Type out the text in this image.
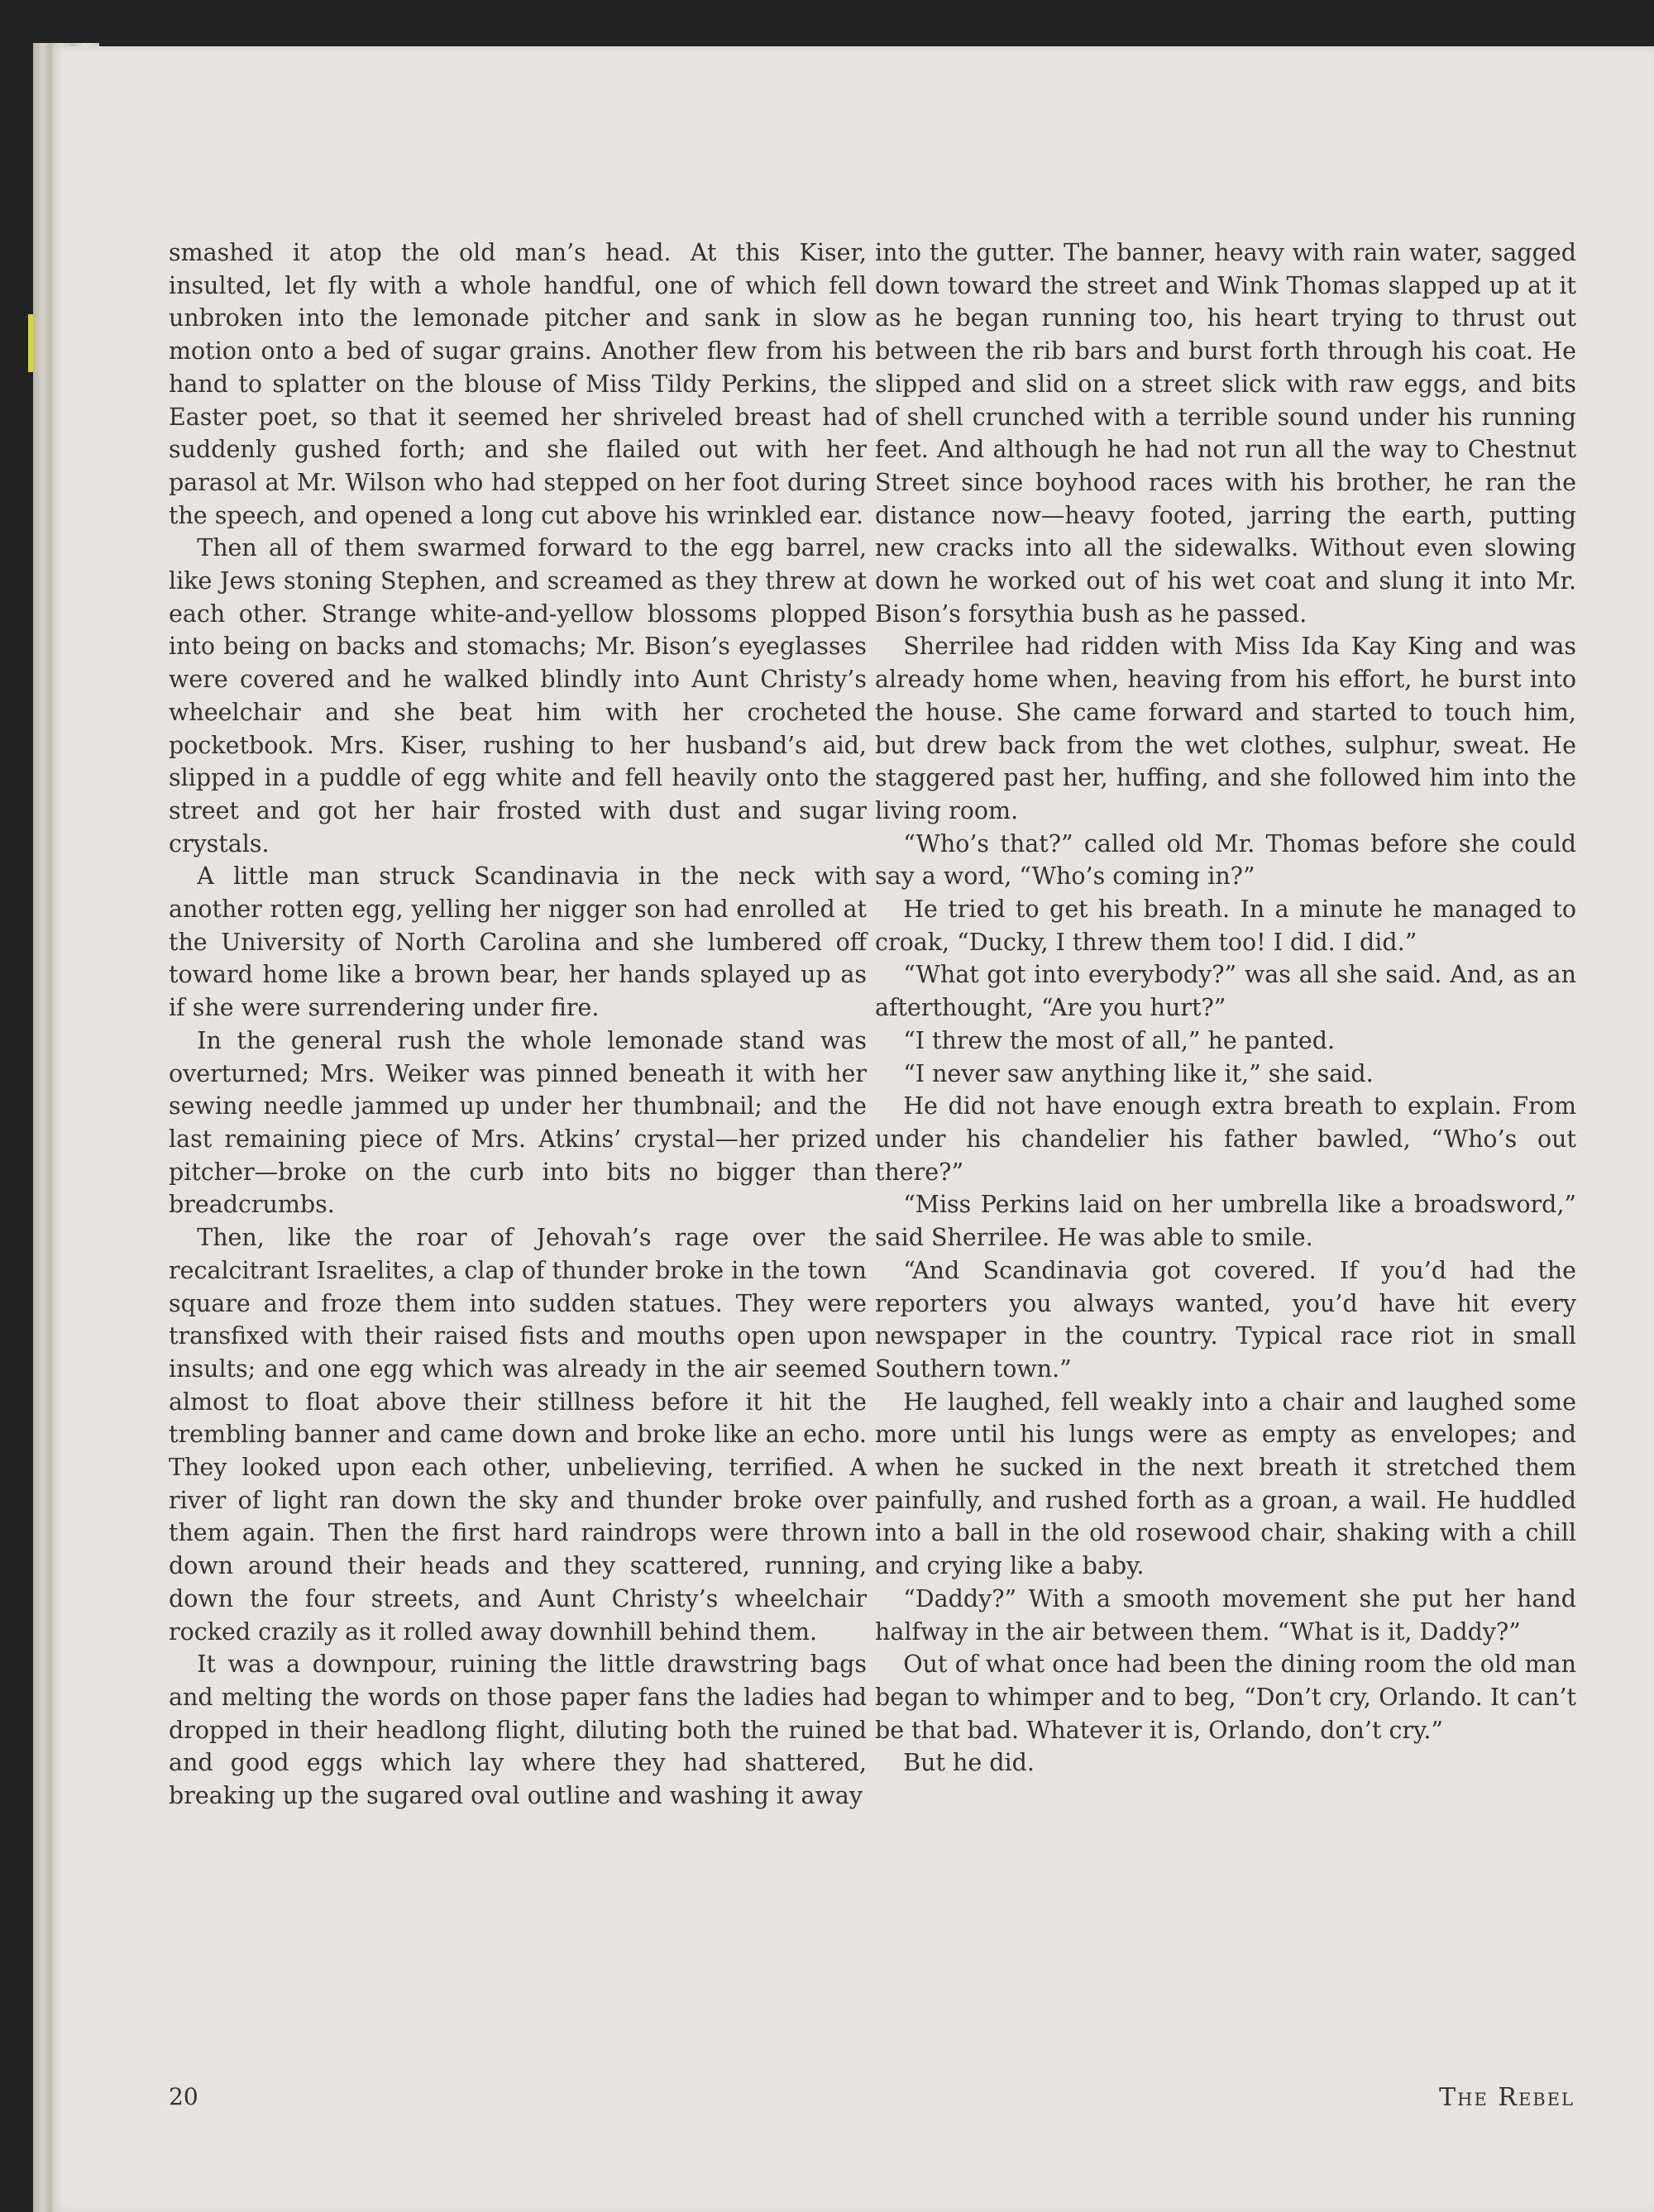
smashed it atop the old man’s head. At this Kiser, insulted, let fly with a whole handful, one of which fell unbroken into the lemonade pitcher and sank in slow motion onto a bed of sugar grains. Another flew from his hand to splatter on the blouse of Miss Tildy Perkins, the Easter poet, so that it seemed her shriveled breast had suddenly gushed forth; and she flailed out with her parasol at Mr. Wilson who had stepped on her foot during the speech, and opened a long cut above his wrinkled ear.

Then all of them swarmed forward to the egg barrel, like Jews stoning Stephen, and screamed as they threw at each other. Strange white-and-yellow blossoms plopped into being on backs and stomachs; Mr. Bison’s eyeglasses were covered and he walked blindly into Aunt Christy’s wheelchair and she beat him with her crocheted pocketbook. Mrs. Kiser, rushing to her husband’s aid, slipped in a puddle of egg white and fell heavily onto the street and got her hair frosted with dust and sugar crystals.

A little man struck Scandinavia in the neck with another rotten egg, yelling her nigger son had enrolled at the University of North Carolina and she lumbered off toward home like a brown bear, her hands splayed up as if she were surrendering under fire.

In the general rush the whole lemonade stand was overturned; Mrs. Weiker was pinned beneath it with her sewing needle jammed up under her thumbnail; and the last remaining piece of Mrs. Atkins’ crystal—her prized pitcher—broke on the curb into bits no bigger than breadcrumbs.

Then, like the roar of Jehovah’s rage over the recalcitrant Israelites, a clap of thunder broke in the town square and froze them into sudden statues. They were transfixed with their raised fists and mouths open upon insults; and one egg which was already in the air seemed almost to float above their stillness before it hit the trembling banner and came down and broke like an echo. They looked upon each other, unbelieving, terrified. A river of light ran down the sky and thunder broke over them again. Then the first hard raindrops were thrown down around their heads and they scattered, running, down the four streets, and Aunt Christy’s wheelchair rocked crazily as it rolled away downhill behind them.

It was a downpour, ruining the little drawstring bags and melting the words on those paper fans the ladies had dropped in their headlong flight, diluting both the ruined and good eggs which lay where they had shattered, breaking up the sugared oval outline and washing it away

into the gutter. The banner, heavy with rain water, sagged down toward the street and Wink Thomas slapped up at it as he began running too, his heart trying to thrust out between the rib bars and burst forth through his coat. He slipped and slid on a street slick with raw eggs, and bits of shell crunched with a terrible sound under his running feet. And although he had not run all the way to Chestnut Street since boyhood races with his brother, he ran the distance now—heavy footed, jarring the earth, putting new cracks into all the sidewalks. Without even slowing down he worked out of his wet coat and slung it into Mr. Bison’s forsythia bush as he passed.

Sherrilee had ridden with Miss Ida Kay King and was already home when, heaving from his effort, he burst into the house. She came forward and started to touch him, but drew back from the wet clothes, sulphur, sweat. He staggered past her, huffing, and she followed him into the living room.

“Who’s that?” called old Mr. Thomas before she could say a word, “Who’s coming in?”

He tried to get his breath. In a minute he managed to croak, “Ducky, I threw them too! I did. I did.”

“What got into everybody?” was all she said. And, as an afterthought, “Are you hurt?”

“I threw the most of all,” he panted.

“I never saw anything like it,” she said.

He did not have enough extra breath to explain. From under his chandelier his father bawled, “Who’s out there?”

“Miss Perkins laid on her umbrella like a broadsword,” said Sherrilee. He was able to smile.

“And Scandinavia got covered. If you’d had the reporters you always wanted, you’d have hit every newspaper in the country. Typical race riot in small Southern town.”

He laughed, fell weakly into a chair and laughed some more until his lungs were as empty as envelopes; and when he sucked in the next breath it stretched them painfully, and rushed forth as a groan, a wail. He huddled into a ball in the old rosewood chair, shaking with a chill and crying like a baby.

“Daddy?” With a smooth movement she put her hand halfway in the air between them. “What is it, Daddy?”

Out of what once had been the dining room the old man began to whimper and to beg, “Don’t cry, Orlando. It can’t be that bad. Whatever it is, Orlando, don’t cry.”

But he did.

20	The Rebel
